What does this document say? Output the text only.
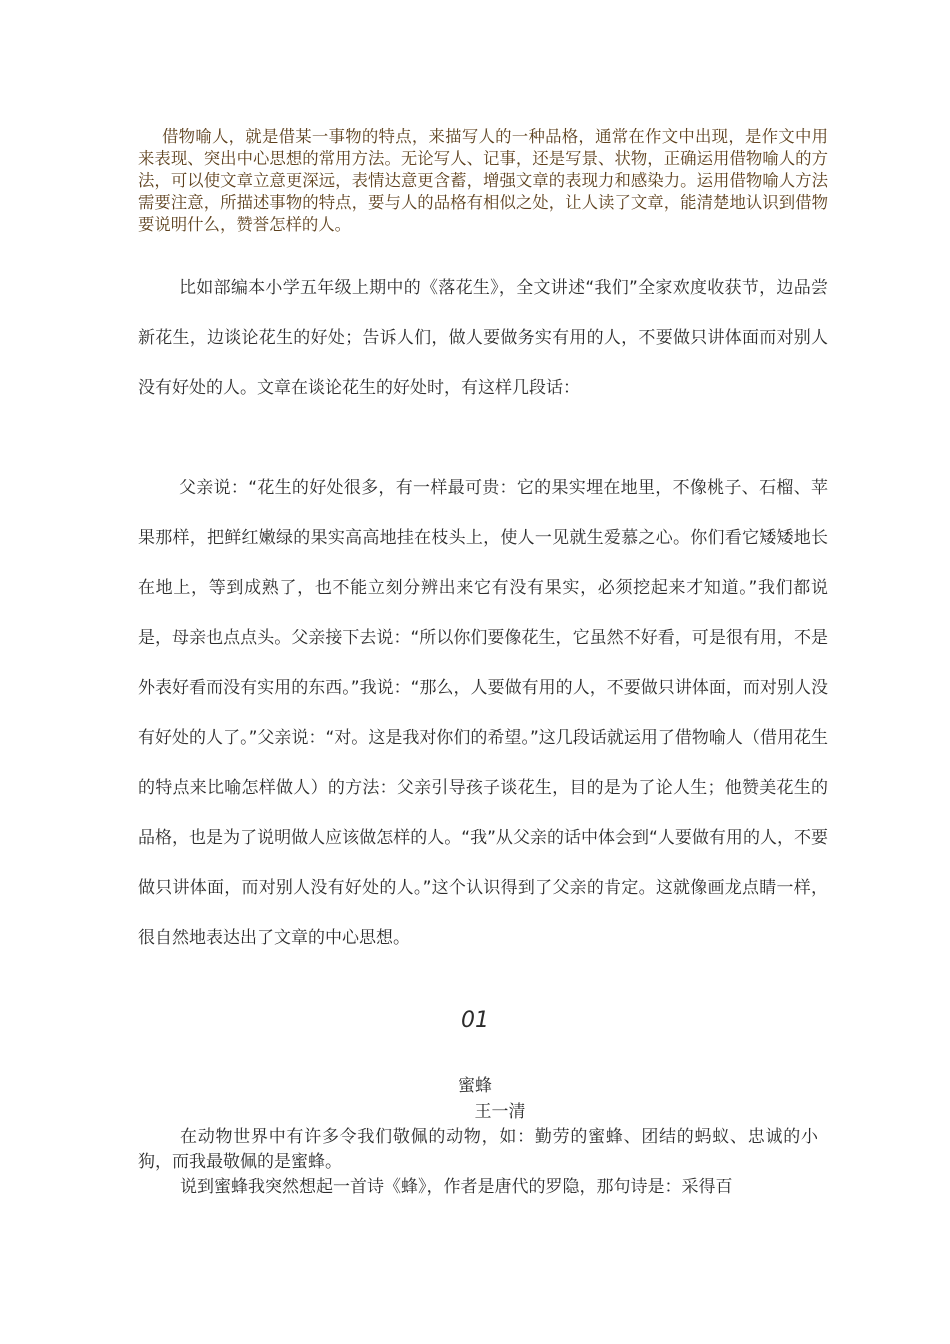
借物喻人，就是借某一事物的特点，来描写人的一种品格，通常在作文中出现，是作文中用来表现、突出中心思想的常用方法。无论写人、记事，还是写景、状物，正确运用借物喻人的方法，可以使文章立意更深远，表情达意更含蓄，增强文章的表现力和感染力。运用借物喻人方法需要注意，所描述事物的特点，要与人的品格有相似之处，让人读了文章，能清楚地认识到借物要说明什么，赞誉怎样的人。

比如部编本小学五年级上期中的《落花生》，全文讲述“我们”全家欢度收获节，边品尝新花生，边谈论花生的好处；告诉人们，做人要做务实有用的人，不要做只讲体面而对别人没有好处的人。文章在谈论花生的好处时，有这样几段话：

父亲说：“花生的好处很多，有一样最可贵：它的果实埋在地里，不像桃子、石榴、苹果那样，把鲜红嫩绿的果实高高地挂在枝头上，使人一见就生爱慕之心。你们看它矮矮地长在地上，等到成熟了，也不能立刻分辨出来它有没有果实，必须挖起来才知道。”我们都说是，母亲也点点头。父亲接下去说：“所以你们要像花生，它虽然不好看，可是很有用，不是外表好看而没有实用的东西。”我说：“那么，人要做有用的人，不要做只讲体面，而对别人没有好处的人了。”父亲说：“对。这是我对你们的希望。”这几段话就运用了借物喻人（借用花生的特点来比喻怎样做人）的方法：父亲引导孩子谈花生，目的是为了论人生；他赞美花生的品格，也是为了说明做人应该做怎样的人。“我”从父亲的话中体会到“人要做有用的人，不要做只讲体面，而对别人没有好处的人。”这个认识得到了父亲的肯定。这就像画龙点睛一样，很自然地表达出了文章的中心思想。

01

蜜蜂

王一清

在动物世界中有许多令我们敬佩的动物，如：勤劳的蜜蜂、团结的蚂蚁、忠诚的小狗，而我最敬佩的是蜜蜂。

说到蜜蜂我突然想起一首诗《蜂》，作者是唐代的罗隐，那句诗是：采得百
